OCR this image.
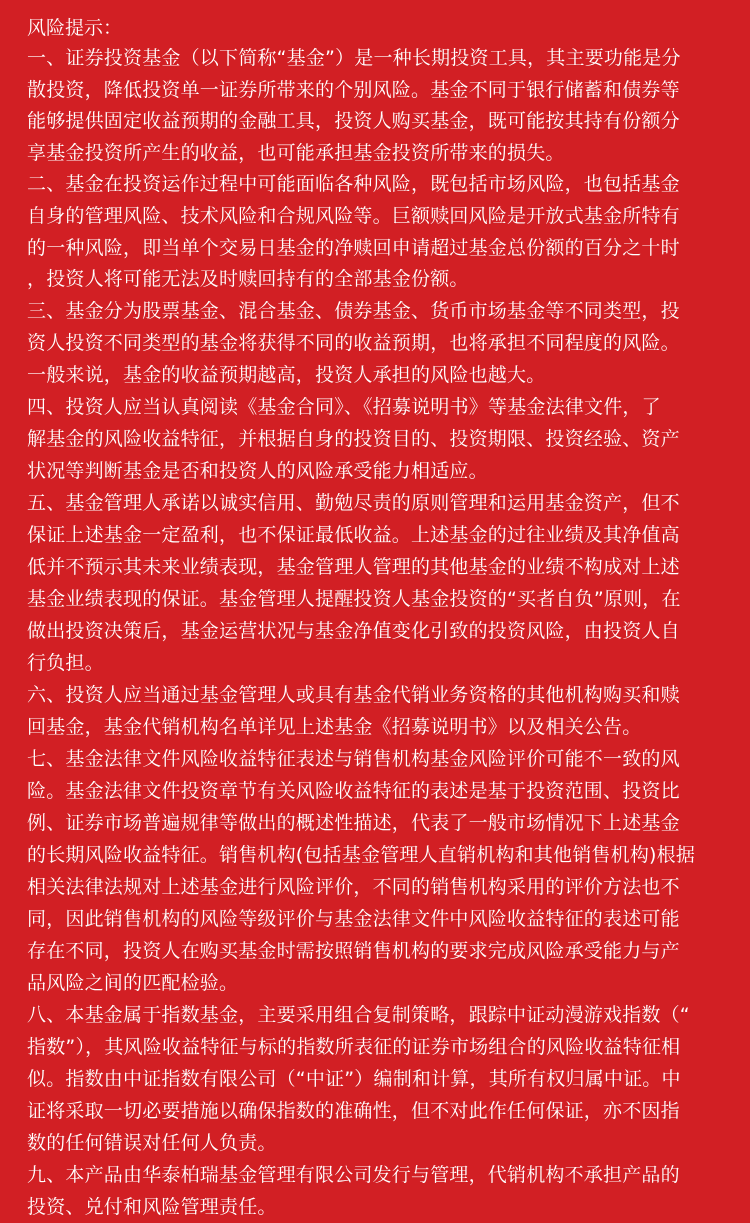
风险提示：
一、证券投资基金（以下简称“基金”）是一种长期投资工具，其主要功能是分
散投资，降低投资单一证券所带来的个别风险。基金不同于银行储蓄和债券等
能够提供固定收益预期的金融工具，投资人购买基金，既可能按其持有份额分
享基金投资所产生的收益，也可能承担基金投资所带来的损失。
二、基金在投资运作过程中可能面临各种风险，既包括市场风险，也包括基金
自身的管理风险、技术风险和合规风险等。巨额赎回风险是开放式基金所特有
的一种风险，即当单个交易日基金的净赎回申请超过基金总份额的百分之十时
，投资人将可能无法及时赎回持有的全部基金份额。
三、基金分为股票基金、混合基金、债券基金、货币市场基金等不同类型，投
资人投资不同类型的基金将获得不同的收益预期，也将承担不同程度的风险。
一般来说，基金的收益预期越高，投资人承担的风险也越大。
四、投资人应当认真阅读《基金合同》、《招募说明书》等基金法律文件，了
解基金的风险收益特征，并根据自身的投资目的、投资期限、投资经验、资产
状况等判断基金是否和投资人的风险承受能力相适应。
五、基金管理人承诺以诚实信用、勤勉尽责的原则管理和运用基金资产，但不
保证上述基金一定盈利，也不保证最低收益。上述基金的过往业绩及其净值高
低并不预示其未来业绩表现，基金管理人管理的其他基金的业绩不构成对上述
基金业绩表现的保证。基金管理人提醒投资人基金投资的“买者自负”原则，在
做出投资决策后，基金运营状况与基金净值变化引致的投资风险，由投资人自
行负担。
六、投资人应当通过基金管理人或具有基金代销业务资格的其他机构购买和赎
回基金，基金代销机构名单详见上述基金《招募说明书》以及相关公告。
七、基金法律文件风险收益特征表述与销售机构基金风险评价可能不一致的风
险。基金法律文件投资章节有关风险收益特征的表述是基于投资范围、投资比
例、证券市场普遍规律等做出的概述性描述，代表了一般市场情况下上述基金
的长期风险收益特征。销售机构(包括基金管理人直销机构和其他销售机构)根据
相关法律法规对上述基金进行风险评价，不同的销售机构采用的评价方法也不
同，因此销售机构的风险等级评价与基金法律文件中风险收益特征的表述可能
存在不同，投资人在购买基金时需按照销售机构的要求完成风险承受能力与产
品风险之间的匹配检验。
八、本基金属于指数基金，主要采用组合复制策略，跟踪中证动漫游戏指数（“
指数”），其风险收益特征与标的指数所表征的证券市场组合的风险收益特征相
似。指数由中证指数有限公司（“中证”）编制和计算，其所有权归属中证。中
证将采取一切必要措施以确保指数的准确性，但不对此作任何保证，亦不因指
数的任何错误对任何人负责。
九、本产品由华泰柏瑞基金管理有限公司发行与管理，代销机构不承担产品的
投资、兑付和风险管理责任。
